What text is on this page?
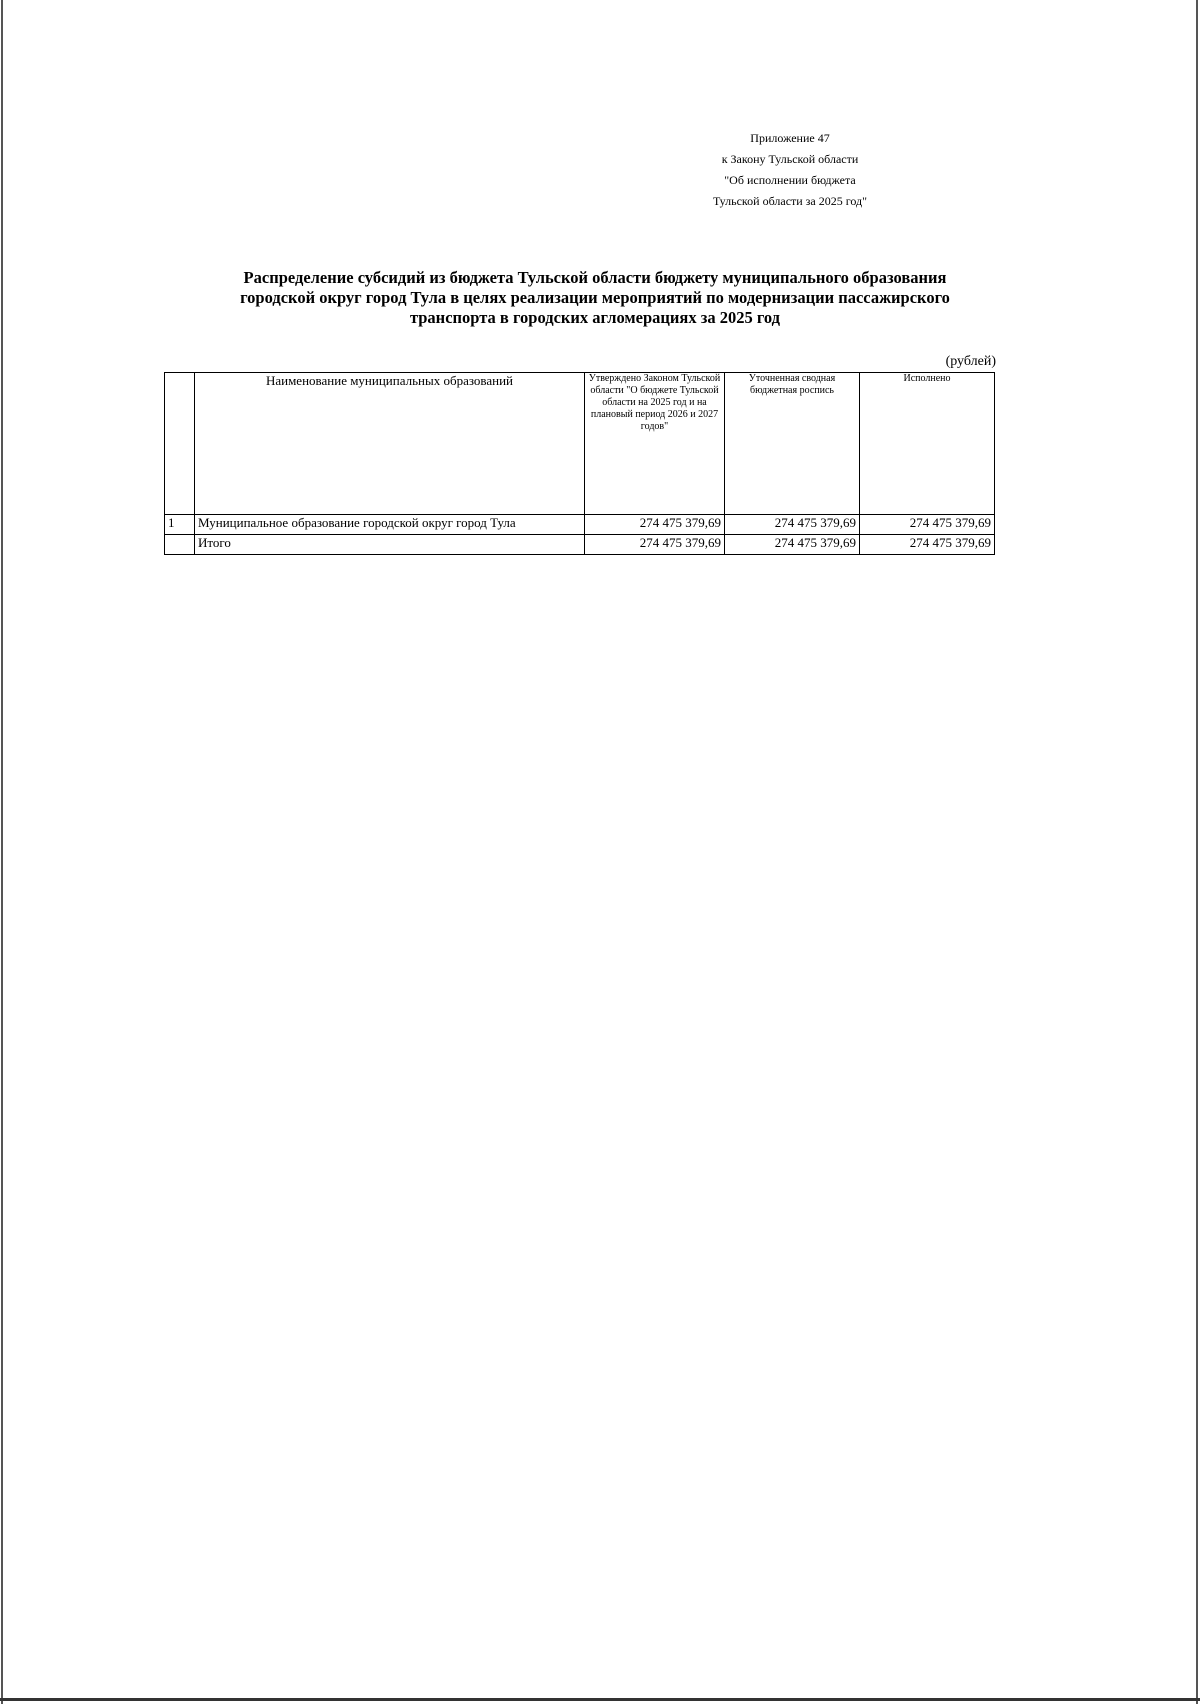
Приложение 47
к Закону Тульской области
"Об исполнении бюджета
Тульской области за 2025 год"
Распределение субсидий из бюджета Тульской области бюджету муниципального образования
городской округ город Тула в целях реализации мероприятий по модернизации пассажирского
транспорта в городских агломерациях за 2025 год
(рублей)
	Наименование муниципальных образований	Утверждено Законом Тульской области "О бюджете Тульской области на 2025 год и на плановый период 2026 и 2027 годов"	Уточненная сводная бюджетная роспись	Исполнено
1	Муниципальное образование городской округ город Тула	274 475 379,69	274 475 379,69	274 475 379,69
	Итого	274 475 379,69	274 475 379,69	274 475 379,69
